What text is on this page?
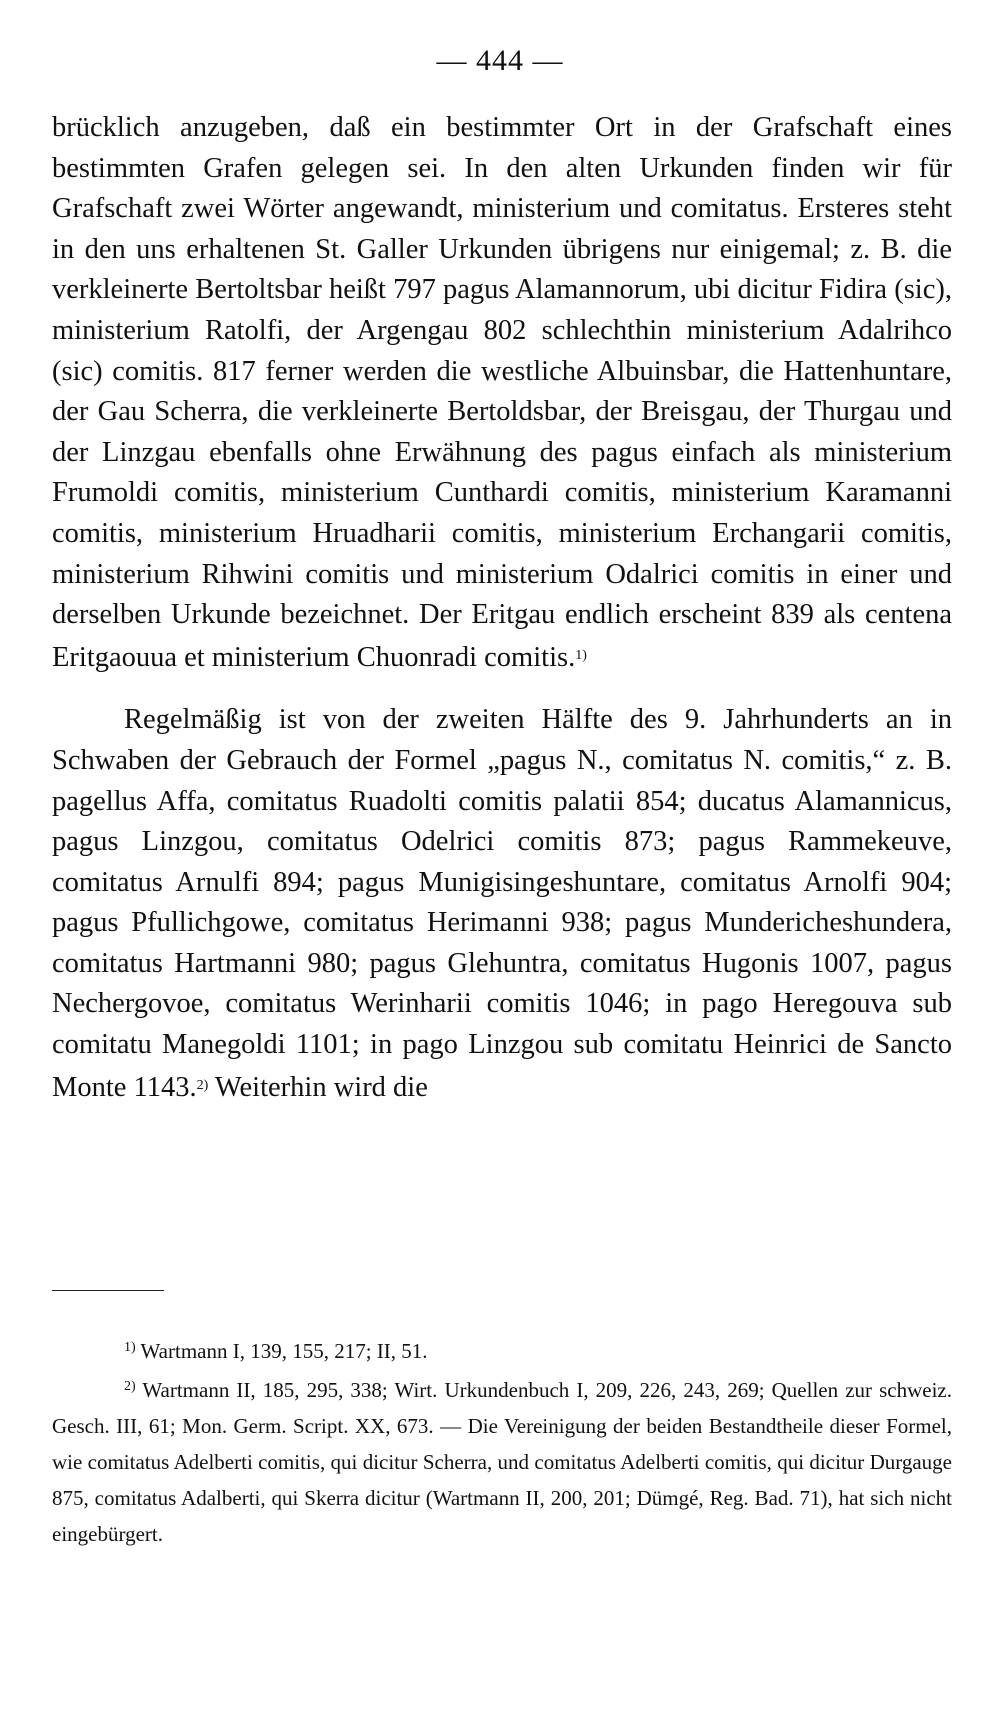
— 444 —

brücklich anzugeben, daß ein bestimmter Ort in der Grafschaft eines bestimmten Grafen gelegen sei. In den alten Urkunden finden wir für Grafschaft zwei Wörter angewandt, ministerium und comitatus. Ersteres steht in den uns erhaltenen St. Galler Urkunden übrigens nur einigemal; z. B. die verkleinerte Bertoltsbar heißt 797 pagus Alamannorum, ubi dicitur Fidira (sic), ministerium Ratolfi, der Argengau 802 schlechthin ministerium Adalrihco (sic) comitis. 817 ferner werden die westliche Albuinsbar, die Hattenhuntare, der Gau Scherra, die verkleinerte Bertoldsbar, der Breisgau, der Thurgau und der Linzgau ebenfalls ohne Erwähnung des pagus einfach als ministerium Frumoldi comitis, ministerium Cunthardi comitis, ministerium Karamanni comitis, ministerium Hruadharii comitis, ministerium Erchangarii comitis, ministerium Rihwini comitis und ministerium Odalrici comitis in einer und derselben Urkunde bezeichnet. Der Eritgau endlich erscheint 839 als centena Eritgaouua et ministerium Chuonradi comitis.$^{1)}$

Regelmäßig ist von der zweiten Hälfte des 9. Jahrhunderts an in Schwaben der Gebrauch der Formel „pagus N., comitatus N. comitis,“ z. B. pagellus Affa, comitatus Ruadolti comitis palatii 854; ducatus Alamannicus, pagus Linzgou, comitatus Odelrici comitis 873; pagus Rammekeuve, comitatus Arnulfi 894; pagus Munigisingeshuntare, comitatus Arnolfi 904; pagus Pfullichgowe, comitatus Herimanni 938; pagus Mundericheshundera, comitatus Hartmanni 980; pagus Glehuntra, comitatus Hugonis 1007, pagus Nechergovoe, comitatus Werinharii comitis 1046; in pago Heregouva sub comitatu Manegoldi 1101; in pago Linzgou sub comitatu Heinrici de Sancto Monte 1143.$^{2)}$ Weiterhin wird die

$^{1)}$ Wartmann I, 139, 155, 217; II, 51.

$^{2)}$ Wartmann II, 185, 295, 338; Wirt. Urkundenbuch I, 209, 226, 243, 269; Quellen zur schweiz. Gesch. III, 61; Mon. Germ. Script. XX, 673. — Die Vereinigung der beiden Bestandtheile dieser Formel, wie comitatus Adelberti comitis, qui dicitur Scherra, und comitatus Adelberti comitis, qui dicitur Durgauge 875, comitatus Adalberti, qui Skerra dicitur (Wartmann II, 200, 201; Dümgé, Reg. Bad. 71), hat sich nicht eingebürgert.
